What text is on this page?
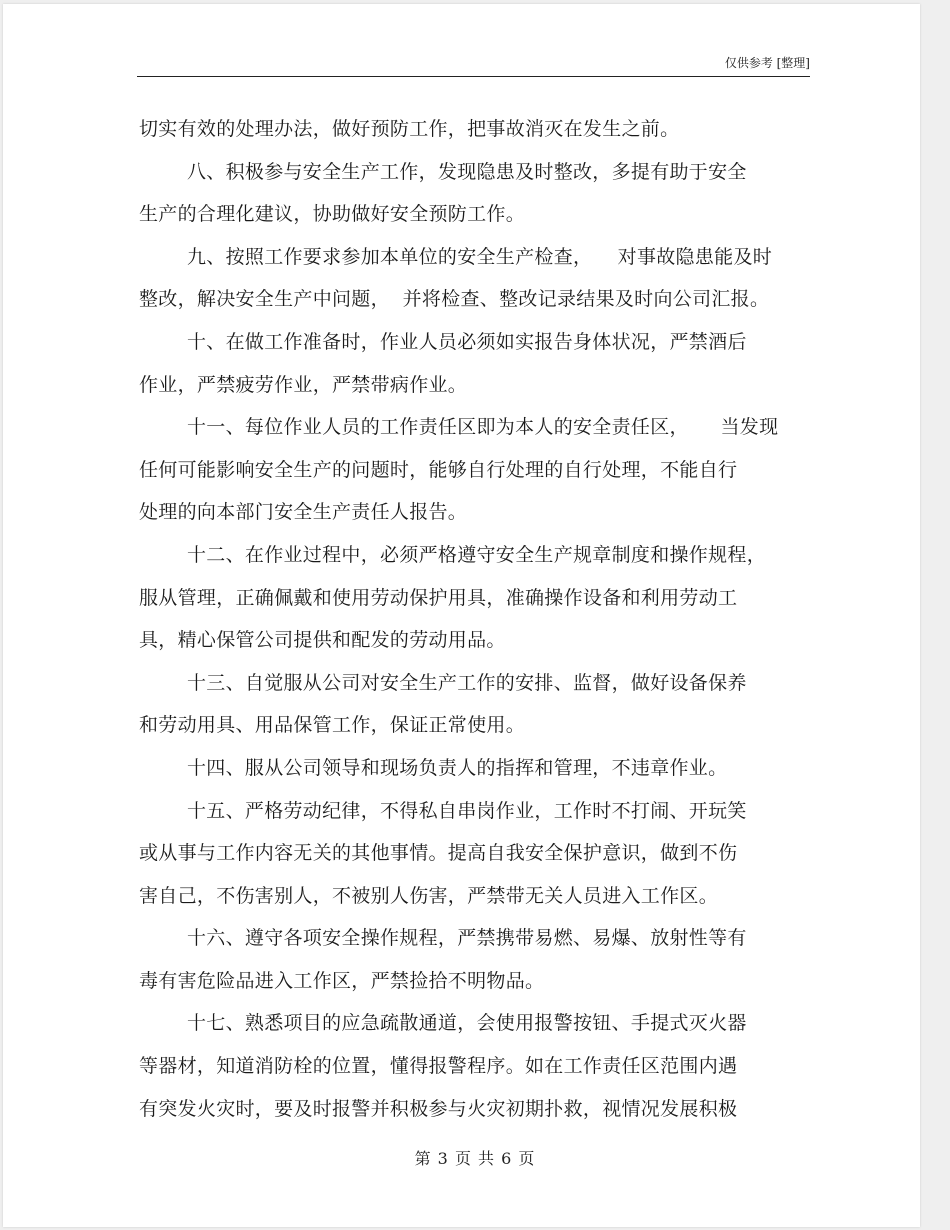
仅供参考 [整理]
切实有效的处理办法，做好预防工作，把事故消灭在发生之前。
八、积极参与安全生产工作，发现隐患及时整改，多提有助于安全
生产的合理化建议，协助做好安全预防工作。
九、按照工作要求参加本单位的安全生产检查，    对事故隐患能及时
整改，解决安全生产中问题，  并将检查、整改记录结果及时向公司汇报。
十、在做工作准备时，作业人员必须如实报告身体状况，严禁酒后
作业，严禁疲劳作业，严禁带病作业。
十一、每位作业人员的工作责任区即为本人的安全责任区，     当发现
任何可能影响安全生产的问题时，能够自行处理的自行处理，不能自行
处理的向本部门安全生产责任人报告。
十二、在作业过程中，必须严格遵守安全生产规章制度和操作规程，
服从管理，正确佩戴和使用劳动保护用具，准确操作设备和利用劳动工
具，精心保管公司提供和配发的劳动用品。
十三、自觉服从公司对安全生产工作的安排、监督，做好设备保养
和劳动用具、用品保管工作，保证正常使用。
十四、服从公司领导和现场负责人的指挥和管理，不违章作业。
十五、严格劳动纪律，不得私自串岗作业，工作时不打闹、开玩笑
或从事与工作内容无关的其他事情。提高自我安全保护意识，做到不伤
害自己，不伤害别人，不被别人伤害，严禁带无关人员进入工作区。
十六、遵守各项安全操作规程，严禁携带易燃、易爆、放射性等有
毒有害危险品进入工作区，严禁捡拾不明物品。
十七、熟悉项目的应急疏散通道，会使用报警按钮、手提式灭火器
等器材，知道消防栓的位置，懂得报警程序。如在工作责任区范围内遇
有突发火灾时，要及时报警并积极参与火灾初期扑救，视情况发展积极
第 3 页 共 6 页
